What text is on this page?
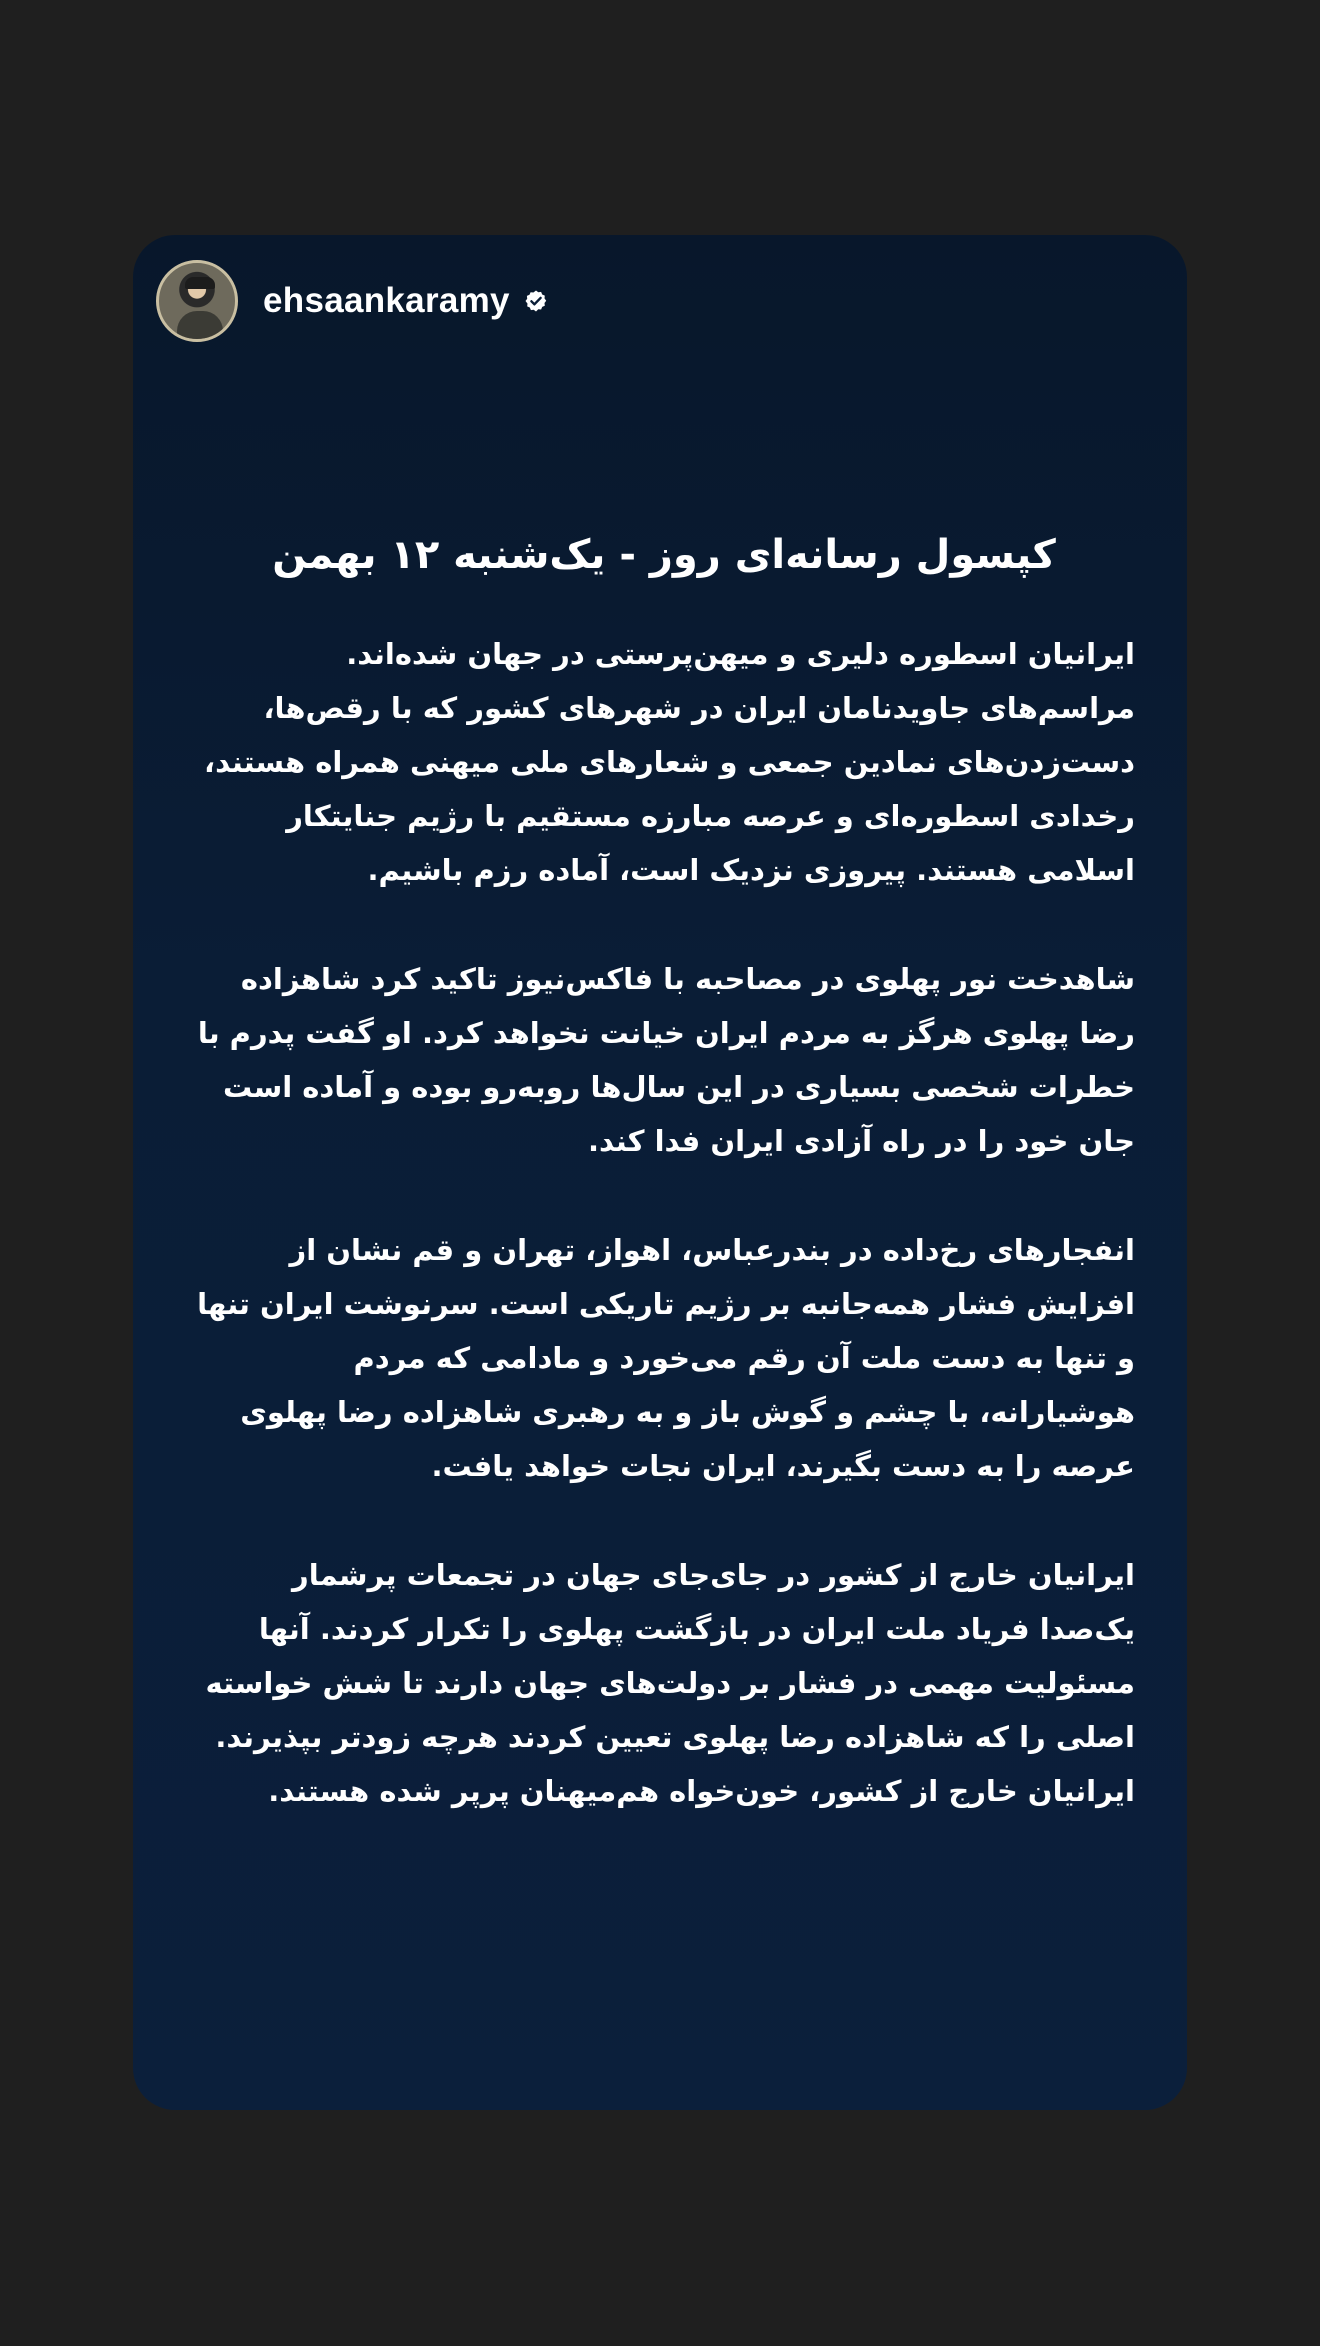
ehsaankaramy
کپسول رسانه‌ای روز - یک‌شنبه ۱۲ بهمن

ایرانیان اسطوره دلیری و میهن‌پرستی در جهان شده‌اند. مراسم‌های جاویدنامان ایران در شهرهای کشور که با رقص‌ها، دست‌زدن‌های نمادین جمعی و شعارهای ملی میهنی همراه هستند، رخدادی اسطوره‌ای و عرصه مبارزه مستقیم با رژیم جنایتکار اسلامی هستند. پیروزی نزدیک است، آماده رزم باشیم.

شاهدخت نور پهلوی در مصاحبه با فاکس‌نیوز تاکید کرد شاهزاده رضا پهلوی هرگز به مردم ایران خیانت نخواهد کرد. او گفت پدرم با خطرات شخصی بسیاری در این سال‌ها روبه‌رو بوده و آماده است جان خود را در راه آزادی ایران فدا کند.

انفجارهای رخ‌داده در بندرعباس، اهواز، تهران و قم نشان از افزایش فشار همه‌جانبه بر رژیم تاریکی است. سرنوشت ایران تنها و تنها به دست ملت آن رقم می‌خورد و مادامی که مردم هوشیارانه، با چشم و گوش باز و به رهبری شاهزاده رضا پهلوی عرصه را به دست بگیرند، ایران نجات خواهد یافت.

ایرانیان خارج از کشور در جای‌جای جهان در تجمعات پرشمار یک‌صدا فریاد ملت ایران در بازگشت پهلوی را تکرار کردند. آنها مسئولیت مهمی در فشار بر دولت‌های جهان دارند تا شش خواسته اصلی را که شاهزاده رضا پهلوی تعیین کردند هرچه زودتر بپذیرند. ایرانیان خارج از کشور، خون‌خواه هم‌میهنان پرپر شده هستند.
